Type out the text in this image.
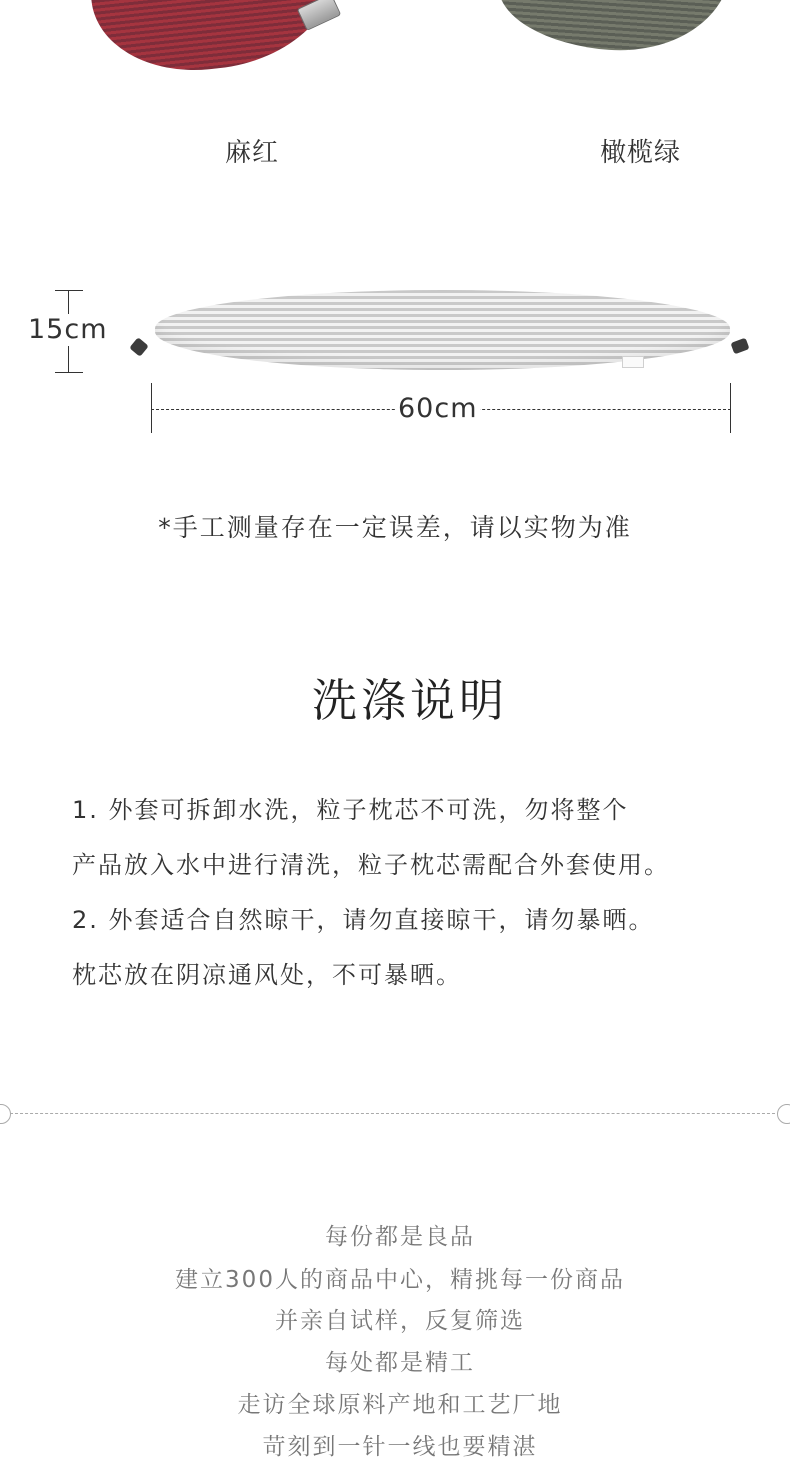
麻红	橄榄绿
15cm
60cm
*手工测量存在一定误差，请以实物为准
洗涤说明
1. 外套可拆卸水洗，粒子枕芯不可洗，勿将整个
产品放入水中进行清洗，粒子枕芯需配合外套使用。
2. 外套适合自然晾干，请勿直接晾干，请勿暴晒。
枕芯放在阴凉通风处，不可暴晒。
每份都是良品
建立300人的商品中心，精挑每一份商品
并亲自试样，反复筛选
每处都是精工
走访全球原料产地和工艺厂地
苛刻到一针一线也要精湛
